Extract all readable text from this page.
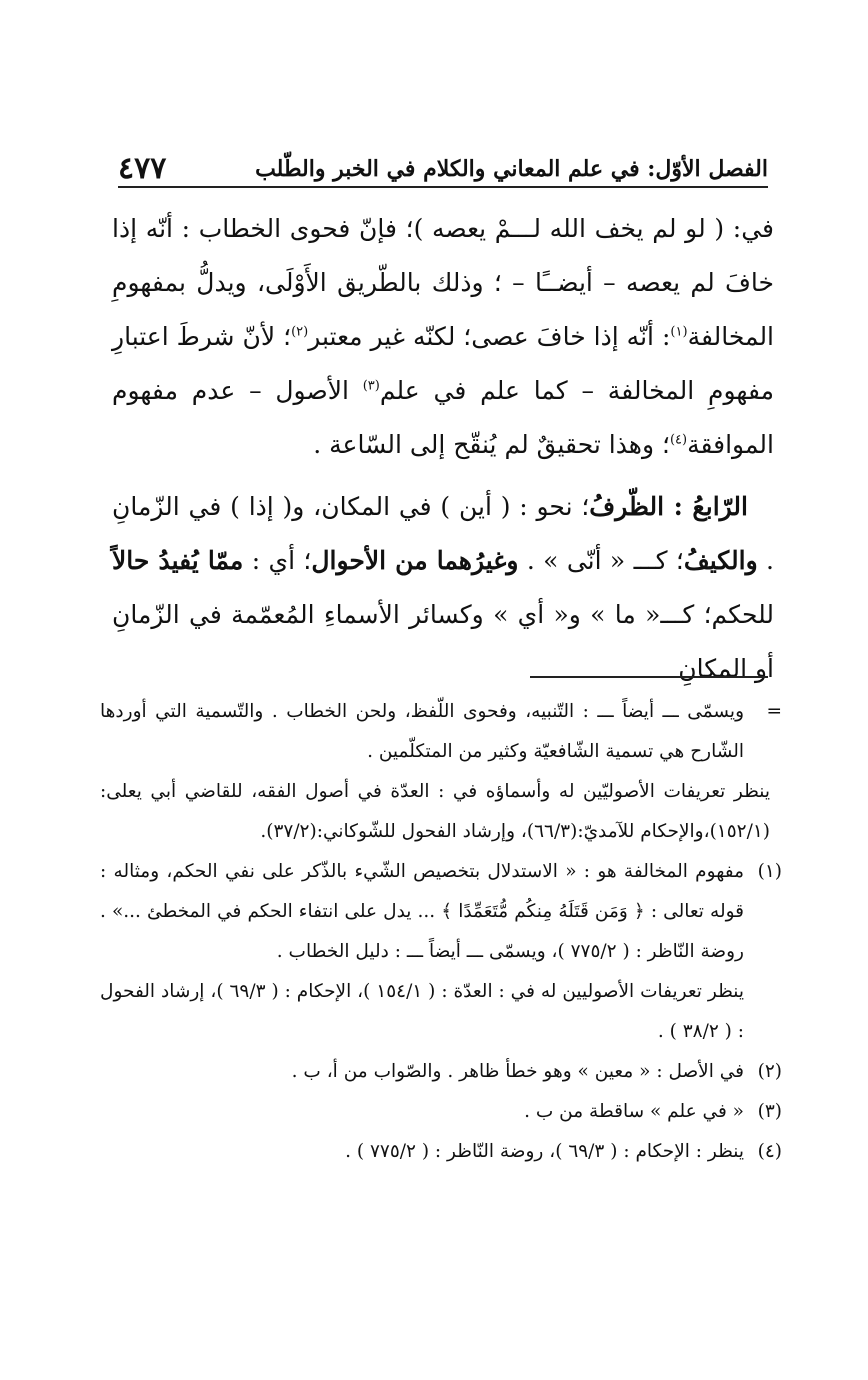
الفصل الأوّل: في علم المعاني والكلام في الخبر والطّلب
٤٧٧

في: ( لو لم يخف الله لـــمْ يعصه )؛ فإنّ فحوى الخطاب : أنّه إذا خافَ لم يعصه – أيضــًا – ؛ وذلك بالطّريق الأَوْلَى، ويدلُّ بمفهومِ المخالفة$^{(١)}$: أنّه إذا خافَ عصى؛ لكنّه غير معتبر$^{(٢)}$؛ لأنّ شرطَ اعتبارِ مفهومِ المخالفة – كما علم في علم$^{(٣)}$ الأصول – عدم مفهوم الموافقة$^{(٤)}$؛ وهذا تحقيقٌ لم يُنقّح إلى السّاعة .

الرّابعُ : الظّرفُ؛ نحو : ( أين ) في المكان، و( إذا ) في الزّمانِ . والكيفُ؛ كـــ « أنّى » . وغيرُهما من الأحوال؛ أي : ممّا يُفيدُ حالاً للحكم؛ كـــ« ما » و« أي » وكسائر الأسماءِ المُعمّمة في الزّمانِ أو المكانِ

=
ويسمّى ـــ أيضاً ـــ : التّنبيه، وفحوى اللّفظ، ولحن الخطاب . والتّسمية التي أوردها الشّارح هي تسمية الشّافعيّة وكثير من المتكلّمين .
ينظر تعريفات الأصوليّين له وأسماؤه في : العدّة في أصول الفقه، للقاضي أبي يعلى: (١٥٢/١)،والإحكام للآمديّ:(٦٦/٣)، وإرشاد الفحول للشّوكاني:(٣٧/٢).
(١)
مفهوم المخالفة هو : « الاستدلال بتخصيص الشّيء بالذّكر على نفي الحكم، ومثاله : قوله تعالى : ﴿ وَمَن قَتَلَهُ مِنكُم مُّتَعَمِّدًا ﴾ ... يدل على انتفاء الحكم في المخطئ ...» . روضة النّاظر : ( ٧٧٥/٢ )، ويسمّى ـــ أيضاً ـــ : دليل الخطاب .
ينظر تعريفات الأصوليين له في : العدّة : ( ١٥٤/١ )، الإحكام : ( ٦٩/٣ )، إرشاد الفحول : ( ٣٨/٢ ) .
(٢)
في الأصل : « معين » وهو خطأ ظاهر . والصّواب من أ، ب .
(٣)
« في علم » ساقطة من ب .
(٤)
ينظر : الإحكام : ( ٦٩/٣ )، روضة النّاظر : ( ٧٧٥/٢ ) .
